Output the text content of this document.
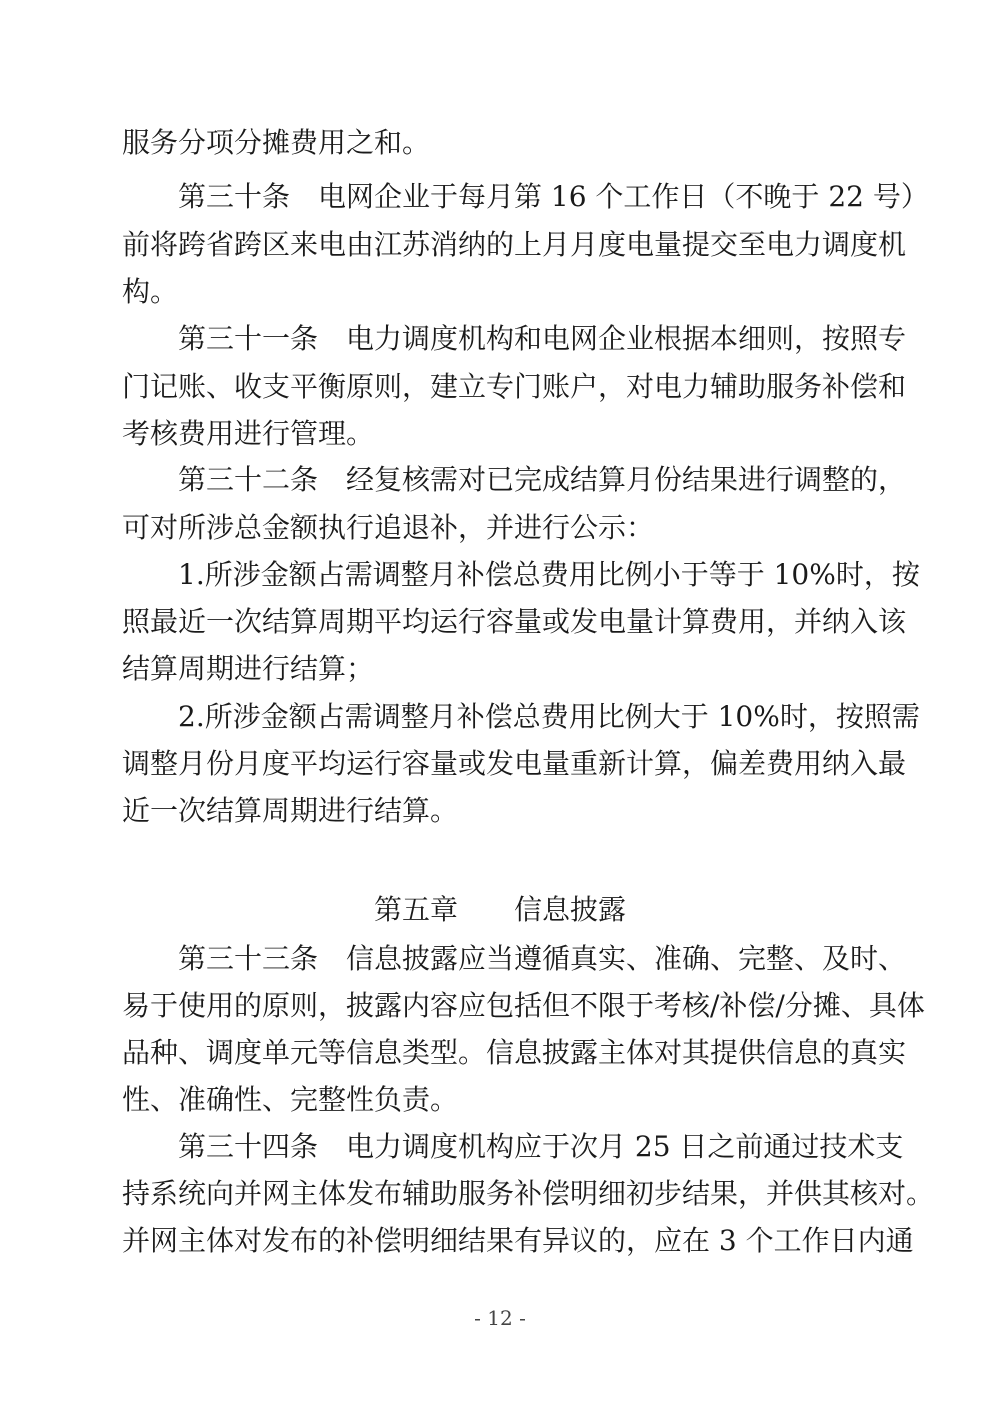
服务分项分摊费用之和。
第三十条　电网企业于每月第 16 个工作日（不晚于 22 号）
前将跨省跨区来电由江苏消纳的上月月度电量提交至电力调度机
构。
第三十一条　电力调度机构和电网企业根据本细则，按照专
门记账、收支平衡原则，建立专门账户，对电力辅助服务补偿和
考核费用进行管理。
第三十二条　经复核需对已完成结算月份结果进行调整的，
可对所涉总金额执行追退补，并进行公示：
1.所涉金额占需调整月补偿总费用比例小于等于 10%时，按
照最近一次结算周期平均运行容量或发电量计算费用，并纳入该
结算周期进行结算；
2.所涉金额占需调整月补偿总费用比例大于 10%时，按照需
调整月份月度平均运行容量或发电量重新计算，偏差费用纳入最
近一次结算周期进行结算。
第五章　　信息披露
第三十三条　信息披露应当遵循真实、准确、完整、及时、
易于使用的原则，披露内容应包括但不限于考核/补偿/分摊、具体
品种、调度单元等信息类型。信息披露主体对其提供信息的真实
性、准确性、完整性负责。
第三十四条　电力调度机构应于次月 25 日之前通过技术支
持系统向并网主体发布辅助服务补偿明细初步结果，并供其核对。
并网主体对发布的补偿明细结果有异议的，应在 3 个工作日内通
- 12 -
